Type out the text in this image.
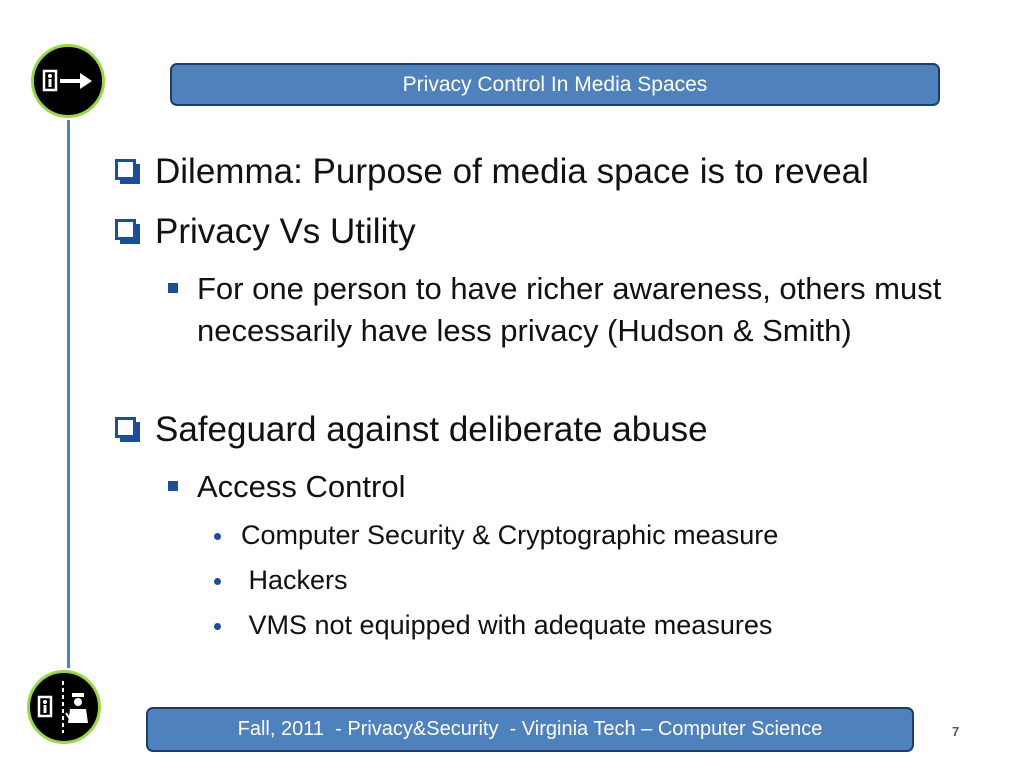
Privacy Control In Media Spaces
Dilemma: Purpose of media space is to reveal
Privacy Vs Utility
For one person to have richer awareness, others must necessarily have less privacy (Hudson & Smith)
Safeguard against deliberate abuse
Access Control
Computer Security & Cryptographic measure
Hackers
VMS not equipped with adequate measures
Fall, 2011  - Privacy&Security  - Virginia Tech – Computer Science	7
